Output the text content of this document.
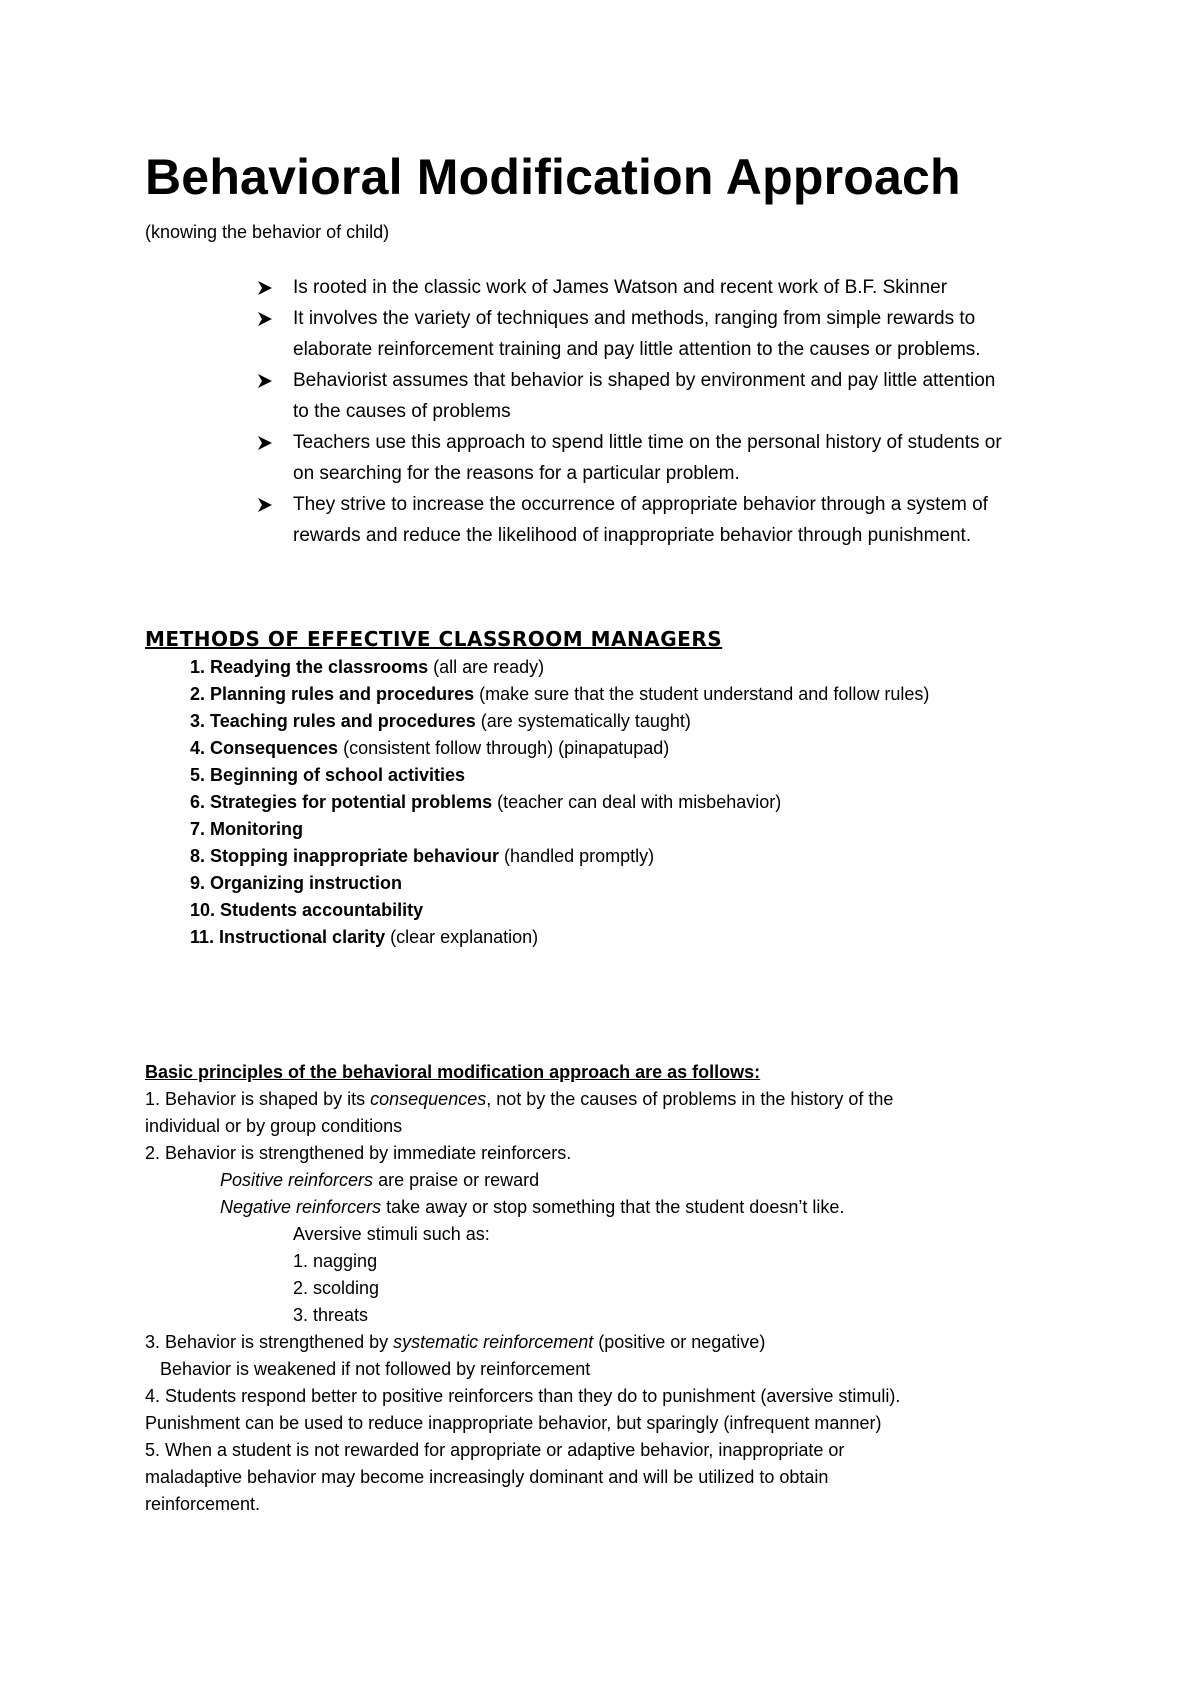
Behavioral Modification Approach
(knowing the behavior of child)
Is rooted in the classic work of James Watson and recent work of B.F. Skinner
It involves the variety of techniques and methods, ranging from simple rewards to
elaborate reinforcement training and pay little attention to the causes or problems.
Behaviorist assumes that behavior is shaped by environment and pay little attention
to the causes of problems
Teachers use this approach to spend little time on the personal history of students or
on searching for the reasons for a particular problem.
They strive to increase the occurrence of appropriate behavior through a system of
rewards and reduce the likelihood of inappropriate behavior through punishment.
METHODS OF EFFECTIVE CLASSROOM MANAGERS
1. Readying the classrooms (all are ready)
2. Planning rules and procedures (make sure that the student understand and follow rules)
3. Teaching rules and procedures (are systematically taught)
4. Consequences (consistent follow through) (pinapatupad)
5. Beginning of school activities
6. Strategies for potential problems (teacher can deal with misbehavior)
7. Monitoring
8. Stopping inappropriate behaviour (handled promptly)
9. Organizing instruction
10. Students accountability
11. Instructional clarity (clear explanation)
Basic principles of the behavioral modification approach are as follows:
1. Behavior is shaped by its consequences, not by the causes of problems in the history of the
individual or by group conditions
2. Behavior is strengthened by immediate reinforcers.
Positive reinforcers are praise or reward
Negative reinforcers take away or stop something that the student doesn’t like.
Aversive stimuli such as:
1. nagging
2. scolding
3. threats
3. Behavior is strengthened by systematic reinforcement (positive or negative)
Behavior is weakened if not followed by reinforcement
4. Students respond better to positive reinforcers than they do to punishment (aversive stimuli).
Punishment can be used to reduce inappropriate behavior, but sparingly (infrequent manner)
5. When a student is not rewarded for appropriate or adaptive behavior, inappropriate or
maladaptive behavior may become increasingly dominant and will be utilized to obtain
reinforcement.
